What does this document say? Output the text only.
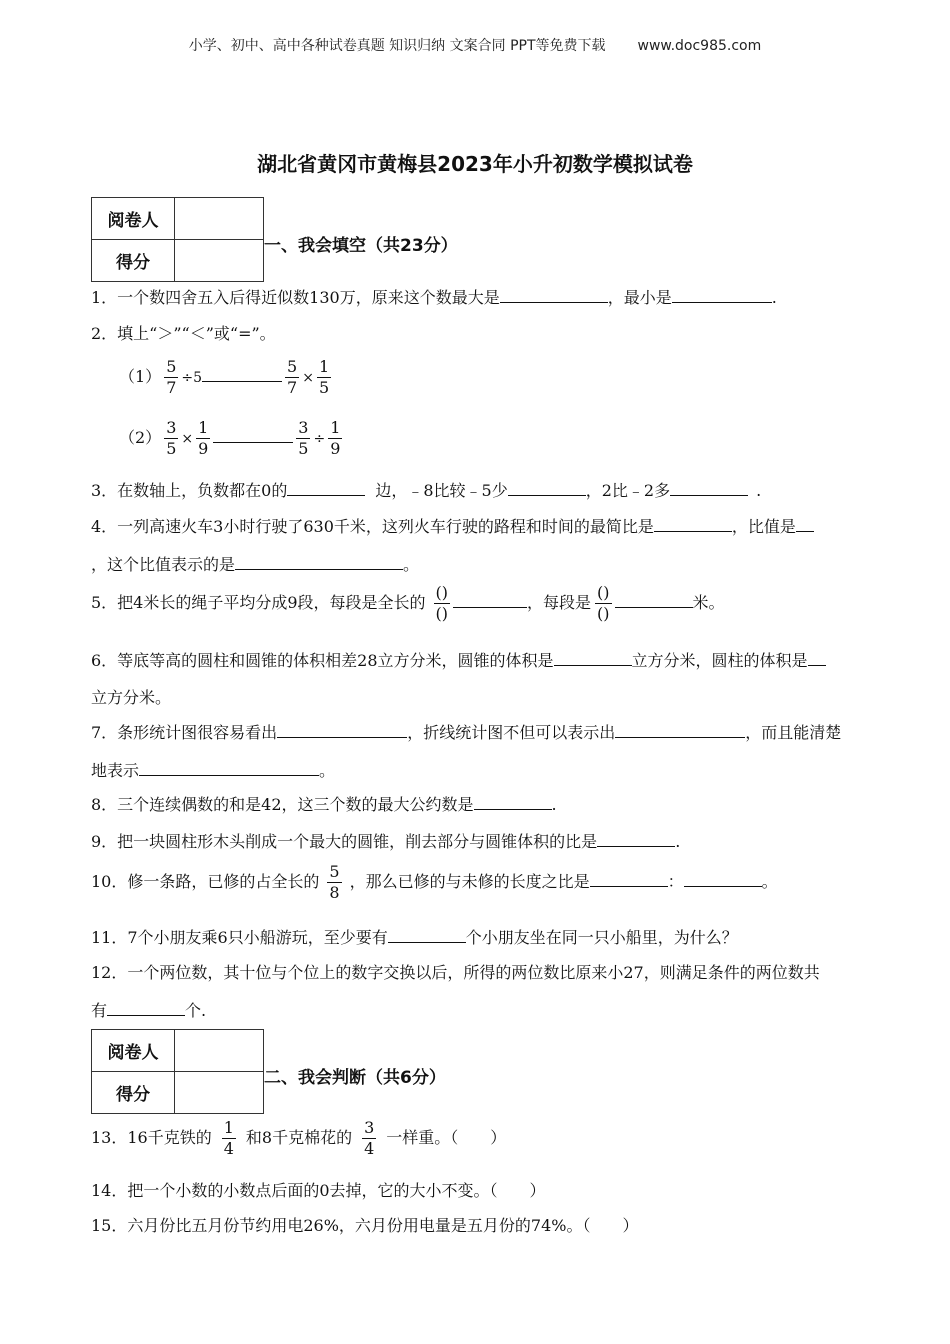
小学、初中、高中各种试卷真题 知识归纳 文案合同 PPT等免费下载 www.doc985.com
湖北省黄冈市黄梅县2023年小升初数学模拟试卷
阅卷人	
得分	
一、我会填空（共23分）
1．一个数四舍五入后得近似数130万，原来这个数最大是	，最小是	.
2．填上“＞”“＜”或“=”。
$(1) \frac{5}{7} \div 5$	$\frac{5}{7} \times \frac{1}{5}$
$(2) \frac{3}{5} \times \frac{1}{9}$	$\frac{3}{5} \div \frac{1}{9}$
3．在数轴上，负数都在0的	边，﹣8比较﹣5少	，2比﹣2多	.
4．一列高速火车3小时行驶了630千米，这列火车行驶的路程和时间的最简比是	，比值是
，这个比值表示的是	。
5．把4米长的绳子平均分成9段，每段是全长的 $\frac{()}{()}$	，每段是 $\frac{()}{()}$	米。
6．等底等高的圆柱和圆锥的体积相差28立方分米，圆锥的体积是	立方分米，圆柱的体积是
立方分米。
7．条形统计图很容易看出	，折线统计图不但可以表示出	，而且能清楚
地表示	。
8．三个连续偶数的和是42，这三个数的最大公约数是	.
9．把一块圆柱形木头削成一个最大的圆锥，削去部分与圆锥体积的比是	.
10．修一条路，已修的占全长的 $\frac{5}{8}$ ，那么已修的与未修的长度之比是	：	。
11．7个小朋友乘6只小船游玩，至少要有	个小朋友坐在同一只小船里，为什么？
12．一个两位数，其十位与个位上的数字交换以后，所得的两位数比原来小27，则满足条件的两位数共
有	个.
阅卷人	
得分	
二、我会判断（共6分）
13．16千克铁的 $\frac{1}{4}$ 和8千克棉花的 $\frac{3}{4}$ 一样重。（　　）
14．把一个小数的小数点后面的0去掉，它的大小不变。（　　）
15．六月份比五月份节约用电26%，六月份用电量是五月份的74%。（　　）
